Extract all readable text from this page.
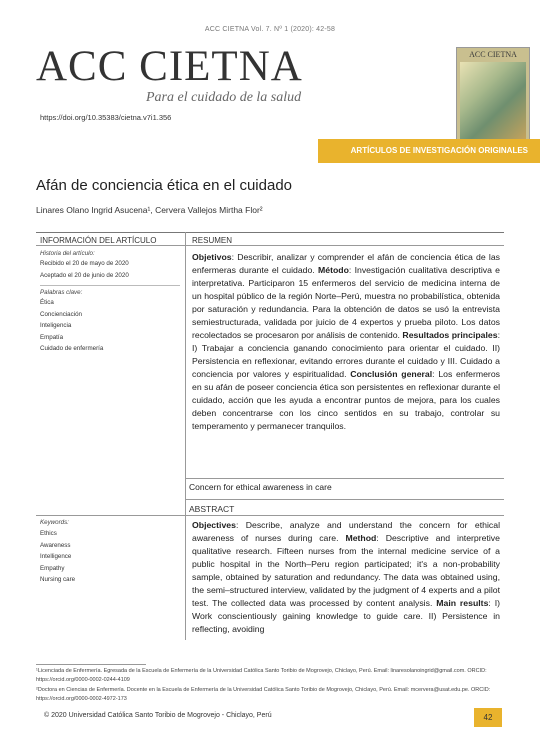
ACC CIETNA Vol. 7. Nº 1 (2020): 42-58
ACC CIETNA
Para el cuidado de la salud
https://doi.org/10.35383/cietna.v7i1.356
ACC CIETNA
ARTÍCULOS DE INVESTIGACIÓN ORIGINALES
Afán de conciencia ética en el cuidado
Linares Olano Ingrid Asucena¹, Cervera Vallejos Mirtha Flor²
INFORMACIÓN DEL ARTÍCULO
Historia del artículo:
Recibido el 20 de mayo de 2020
Aceptado el 20 de junio de 2020
Palabras clave:
Ética
Concienciación
Inteligencia
Empatía
Cuidado de enfermería
Keywords:
Ethics
Awareness
Intelligence
Empathy
Nursing care
RESUMEN
Objetivos: Describir, analizar y comprender el afán de conciencia ética de las enfermeras durante el cuidado. Método: Investigación cualitativa descriptiva e interpretativa. Participaron 15 enfermeros del servicio de medicina interna de un hospital público de la región Norte–Perú, muestra no probabilística, obtenida por saturación y redundancia. Para la obtención de datos se usó la entrevista semiestructurada, validada por juicio de 4 expertos y prueba piloto. Los datos recolectados se procesaron por análisis de contenido. Resultados principales: I) Trabajar a conciencia ganando conocimiento para orientar el cuidado. II) Persistencia en reflexionar, evitando errores durante el cuidado y III. Cuidado a conciencia por valores y espiritualidad. Conclusión general: Los enfermeros en su afán de poseer conciencia ética son persistentes en reflexionar durante el cuidado, acción que les ayuda a encontrar puntos de mejora, para los cuales deben concentrarse con los cinco sentidos en su trabajo, controlar su temperamento y permanecer tranquilos.
Concern for ethical awareness in care
ABSTRACT
Objectives: Describe, analyze and understand the concern for ethical awareness of nurses during care. Method: Descriptive and interpretive qualitative research. Fifteen nurses from the internal medicine service of a public hospital in the North–Peru region participated; it's a non-probability sample, obtained by saturation and redundancy. The data was obtained using, the semi–structured interview, validated by the judgment of 4 experts and a pilot test. The collected data was processed by content analysis. Main results: I) Work conscientiously gaining knowledge to guide care. II) Persistence in reflecting, avoiding
¹Licenciada de Enfermería. Egresada de la Escuela de Enfermería de la Universidad Católica Santo Toribio de Mogrovejo, Chiclayo, Perú. Email: linaresolanoingrid@gmail.com. ORCID: https://orcid.org/0000-0002-0244-4109
²Doctora en Ciencias de Enfermería. Docente en la Escuela de Enfermería de la Universidad Católica Santo Toribio de Mogrovejo, Chiclayo, Perú. Email: mcervera@usat.edu.pe. ORCID: https://orcid.org/0000-0002-4972-173
© 2020 Universidad Católica Santo Toribio de Mogrovejo - Chiclayo, Perú	42
